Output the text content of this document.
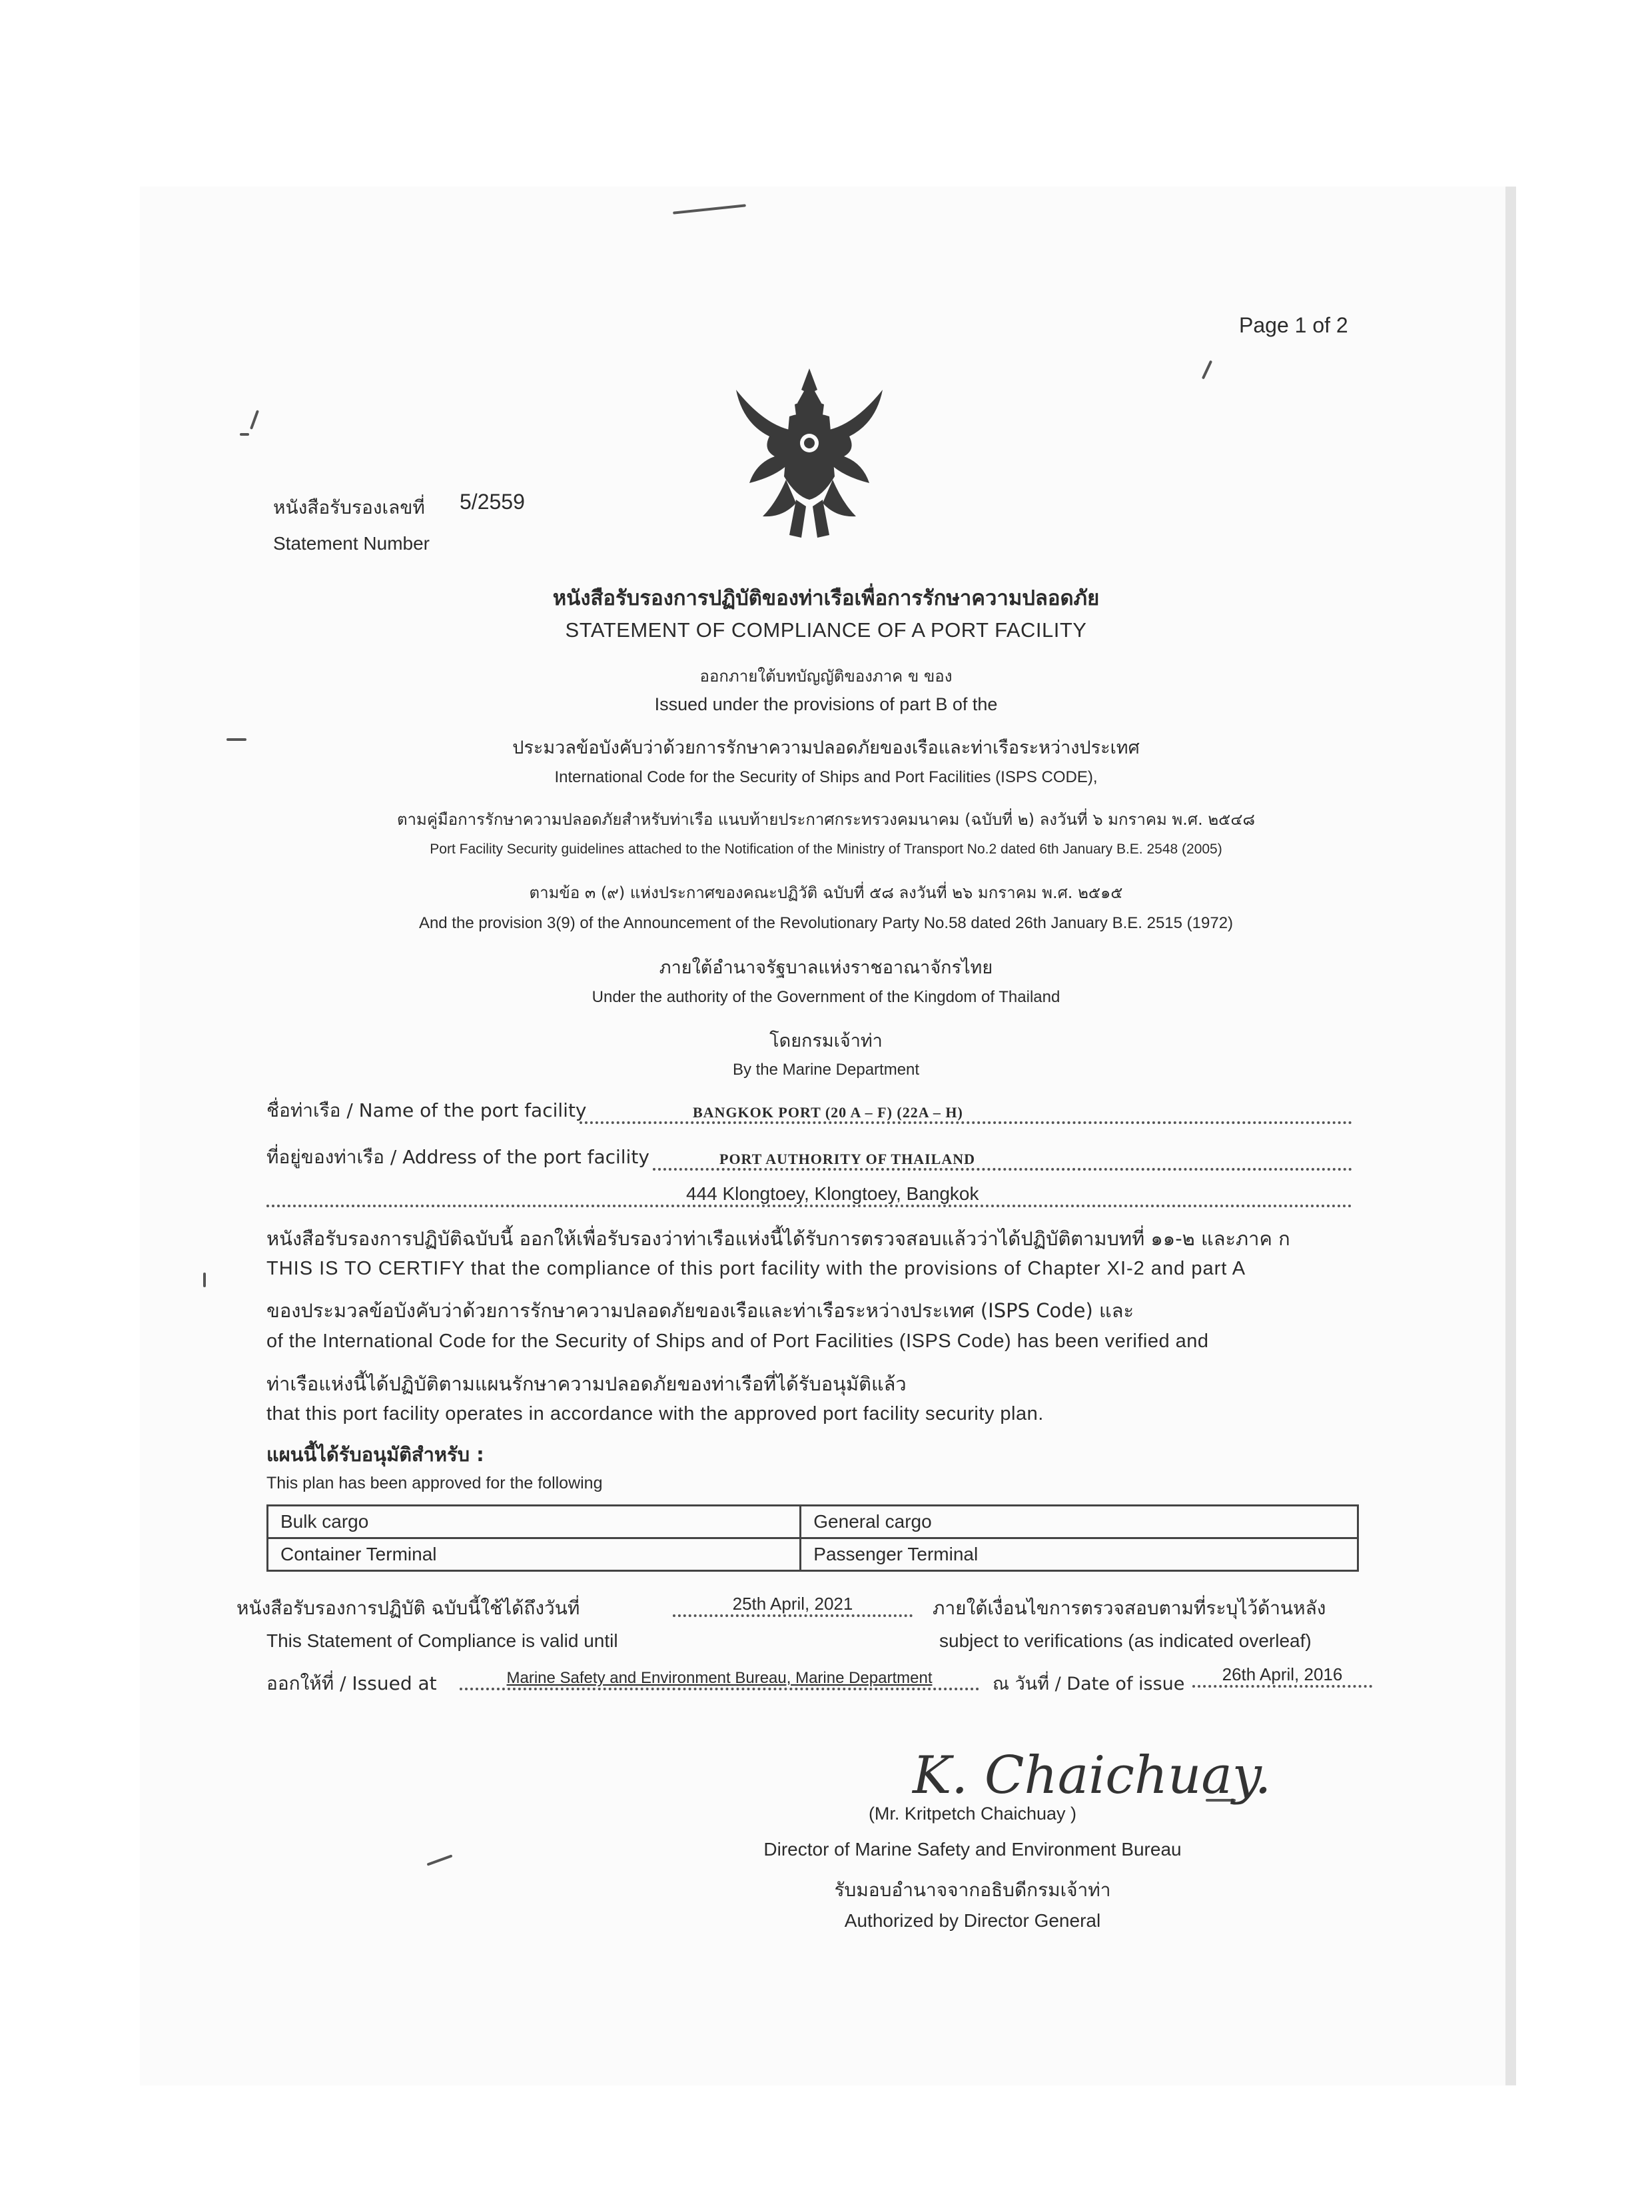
Page 1 of 2
หนังสือรับรองเลขที่ 5/2559
Statement Number
หนังสือรับรองการปฏิบัติของท่าเรือเพื่อการรักษาความปลอดภัย
STATEMENT OF COMPLIANCE OF A PORT FACILITY
ออกภายใต้บทบัญญัติของภาค ข ของ
Issued under the provisions of part B of the
ประมวลข้อบังคับว่าด้วยการรักษาความปลอดภัยของเรือและท่าเรือระหว่างประเทศ
International Code for the Security of Ships and Port Facilities (ISPS CODE),
ตามคู่มือการรักษาความปลอดภัยสำหรับท่าเรือ แนบท้ายประกาศกระทรวงคมนาคม (ฉบับที่ ๒) ลงวันที่ ๖ มกราคม พ.ศ. ๒๕๔๘
Port Facility Security guidelines attached to the Notification of the Ministry of Transport No.2 dated 6th January B.E. 2548 (2005)
ตามข้อ ๓ (๙) แห่งประกาศของคณะปฏิวัติ ฉบับที่ ๕๘ ลงวันที่ ๒๖ มกราคม พ.ศ. ๒๕๑๕
And the provision 3(9) of the Announcement of the Revolutionary Party No.58 dated 26th January B.E. 2515 (1972)
ภายใต้อำนาจรัฐบาลแห่งราชอาณาจักรไทย
Under the authority of the Government of the Kingdom of Thailand
โดยกรมเจ้าท่า
By the Marine Department
ชื่อท่าเรือ / Name of the port facility	BANGKOK PORT (20 A – F) (22A – H)
ที่อยู่ของท่าเรือ / Address of the port facility	PORT AUTHORITY OF THAILAND
444 Klongtoey, Klongtoey, Bangkok
หนังสือรับรองการปฏิบัติฉบับนี้ ออกให้เพื่อรับรองว่าท่าเรือแห่งนี้ได้รับการตรวจสอบแล้วว่าได้ปฏิบัติตามบทที่ ๑๑-๒ และภาค ก
THIS IS TO CERTIFY that the compliance of this port facility with the provisions of Chapter XI-2 and part A
ของประมวลข้อบังคับว่าด้วยการรักษาความปลอดภัยของเรือและท่าเรือระหว่างประเทศ (ISPS Code) และ
of the International Code for the Security of Ships and of Port Facilities (ISPS Code) has been verified and
ท่าเรือแห่งนี้ได้ปฏิบัติตามแผนรักษาความปลอดภัยของท่าเรือที่ได้รับอนุมัติแล้ว
that this port facility operates in accordance with the approved port facility security plan.
แผนนี้ได้รับอนุมัติสำหรับ :
This plan has been approved for the following
Bulk cargo	General cargo
Container Terminal	Passenger Terminal
หนังสือรับรองการปฏิบัติ ฉบับนี้ใช้ได้ถึงวันที่	25th April, 2021	ภายใต้เงื่อนไขการตรวจสอบตามที่ระบุไว้ด้านหลัง
This Statement of Compliance is valid until	subject to verifications (as indicated overleaf)
ออกให้ที่ / Issued at	Marine Safety and Environment Bureau, Marine Department	ณ วันที่ / Date of issue	26th April, 2016
K. Chaichuay.
(Mr. Kritpetch Chaichuay )
Director of Marine Safety and Environment Bureau
รับมอบอำนาจจากอธิบดีกรมเจ้าท่า
Authorized by Director General
